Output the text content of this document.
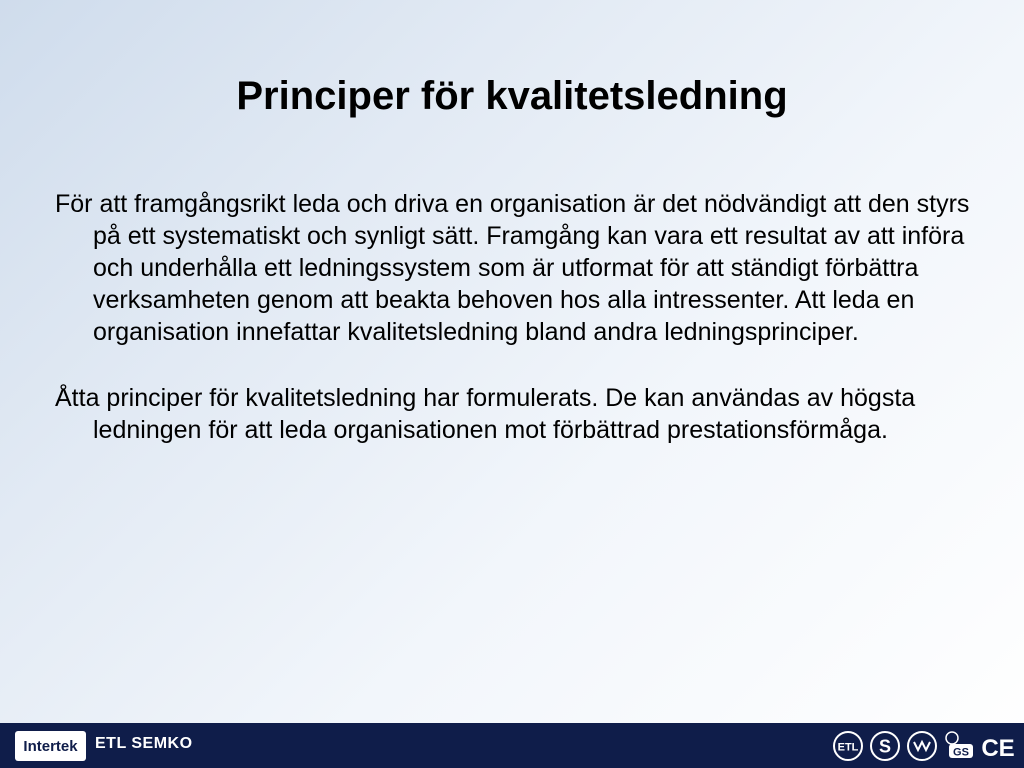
Principer för kvalitetsledning

För att framgångsrikt leda och driva en organisation är det nödvändigt att den styrs på ett systematiskt och synligt sätt. Framgång kan vara ett resultat av att införa och underhålla ett ledningssystem som är utformat för att ständigt förbättra verksamheten genom att beakta behoven hos alla intressenter. Att leda en organisation innefattar kvalitetsledning bland andra ledningsprinciper.

Åtta principer för kvalitetsledning har formulerats. De kan användas av högsta ledningen för att leda organisationen mot förbättrad prestationsförmåga.

Intertek	ETL SEMKO	ETL S	GS CE
